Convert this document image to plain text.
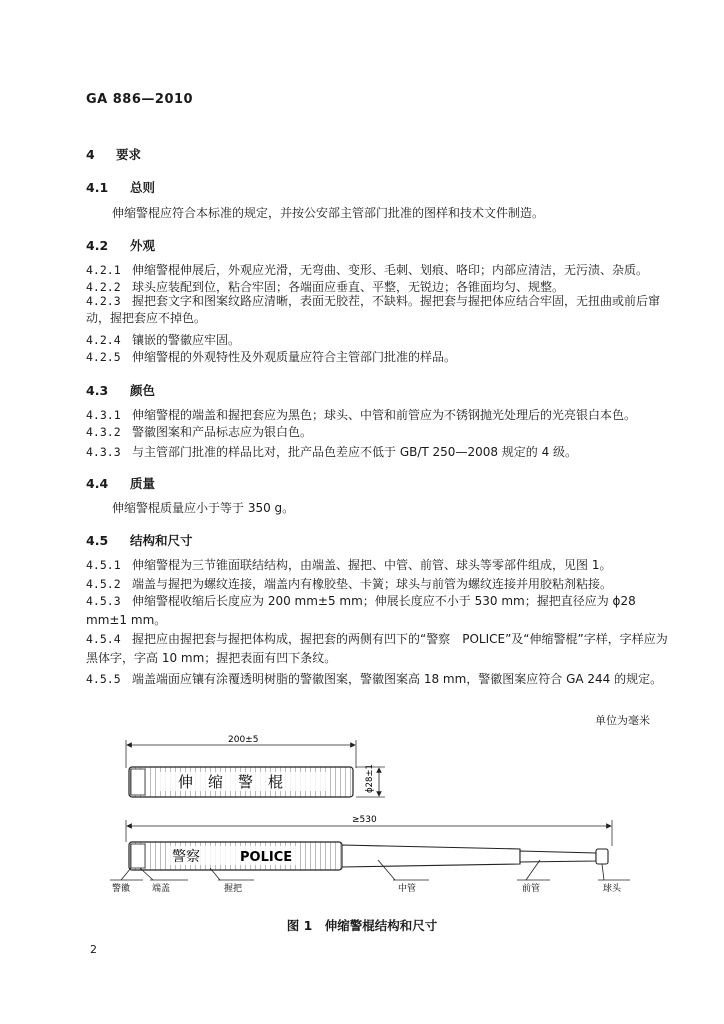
GA 886—2010
4 要求
4.1 总则
伸缩警棍应符合本标准的规定，并按公安部主管部门批准的图样和技术文件制造。
4.2 外观
4.2.1 伸缩警棍伸展后，外观应光滑，无弯曲、变形、毛刺、划痕、咯印；内部应清洁，无污渍、杂质。
4.2.2 球头应装配到位，粘合牢固；各端面应垂直、平整，无锐边；各锥面均匀、规整。
4.2.3 握把套文字和图案纹路应清晰，表面无胶茬，不缺料。握把套与握把体应结合牢固，无扭曲或前后窜动，握把套应不掉色。
4.2.4 镶嵌的警徽应牢固。
4.2.5 伸缩警棍的外观特性及外观质量应符合主管部门批准的样品。
4.3 颜色
4.3.1 伸缩警棍的端盖和握把套应为黑色；球头、中管和前管应为不锈钢抛光处理后的光亮银白本色。
4.3.2 警徽图案和产品标志应为银白色。
4.3.3 与主管部门批准的样品比对，批产品色差应不低于 GB/T 250—2008 规定的 4 级。
4.4 质量
伸缩警棍质量应小于等于 350 g。
4.5 结构和尺寸
4.5.1 伸缩警棍为三节锥面联结结构，由端盖、握把、中管、前管、球头等零部件组成，见图 1。
4.5.2 端盖与握把为螺纹连接，端盖内有橡胶垫、卡簧；球头与前管为螺纹连接并用胶粘剂粘接。
4.5.3 伸缩警棍收缩后长度应为 200 mm±5 mm；伸展长度应不小于 530 mm；握把直径应为 ϕ28 mm±1 mm。
4.5.4 握把应由握把套与握把体构成，握把套的两侧有凹下的“警察　POLICE”及“伸缩警棍”字样，字样应为黑体字，字高 10 mm；握把表面有凹下条纹。
4.5.5 端盖端面应镶有涂覆透明树脂的警徽图案，警徽图案高 18 mm，警徽图案应符合 GA 244 的规定。
单位为毫米
200±5
伸　缩　警　棍	ϕ28±1
≥530
警察	POLICE
警徽 端盖	握把	中管	前管	球头
图 1　伸缩警棍结构和尺寸
2
